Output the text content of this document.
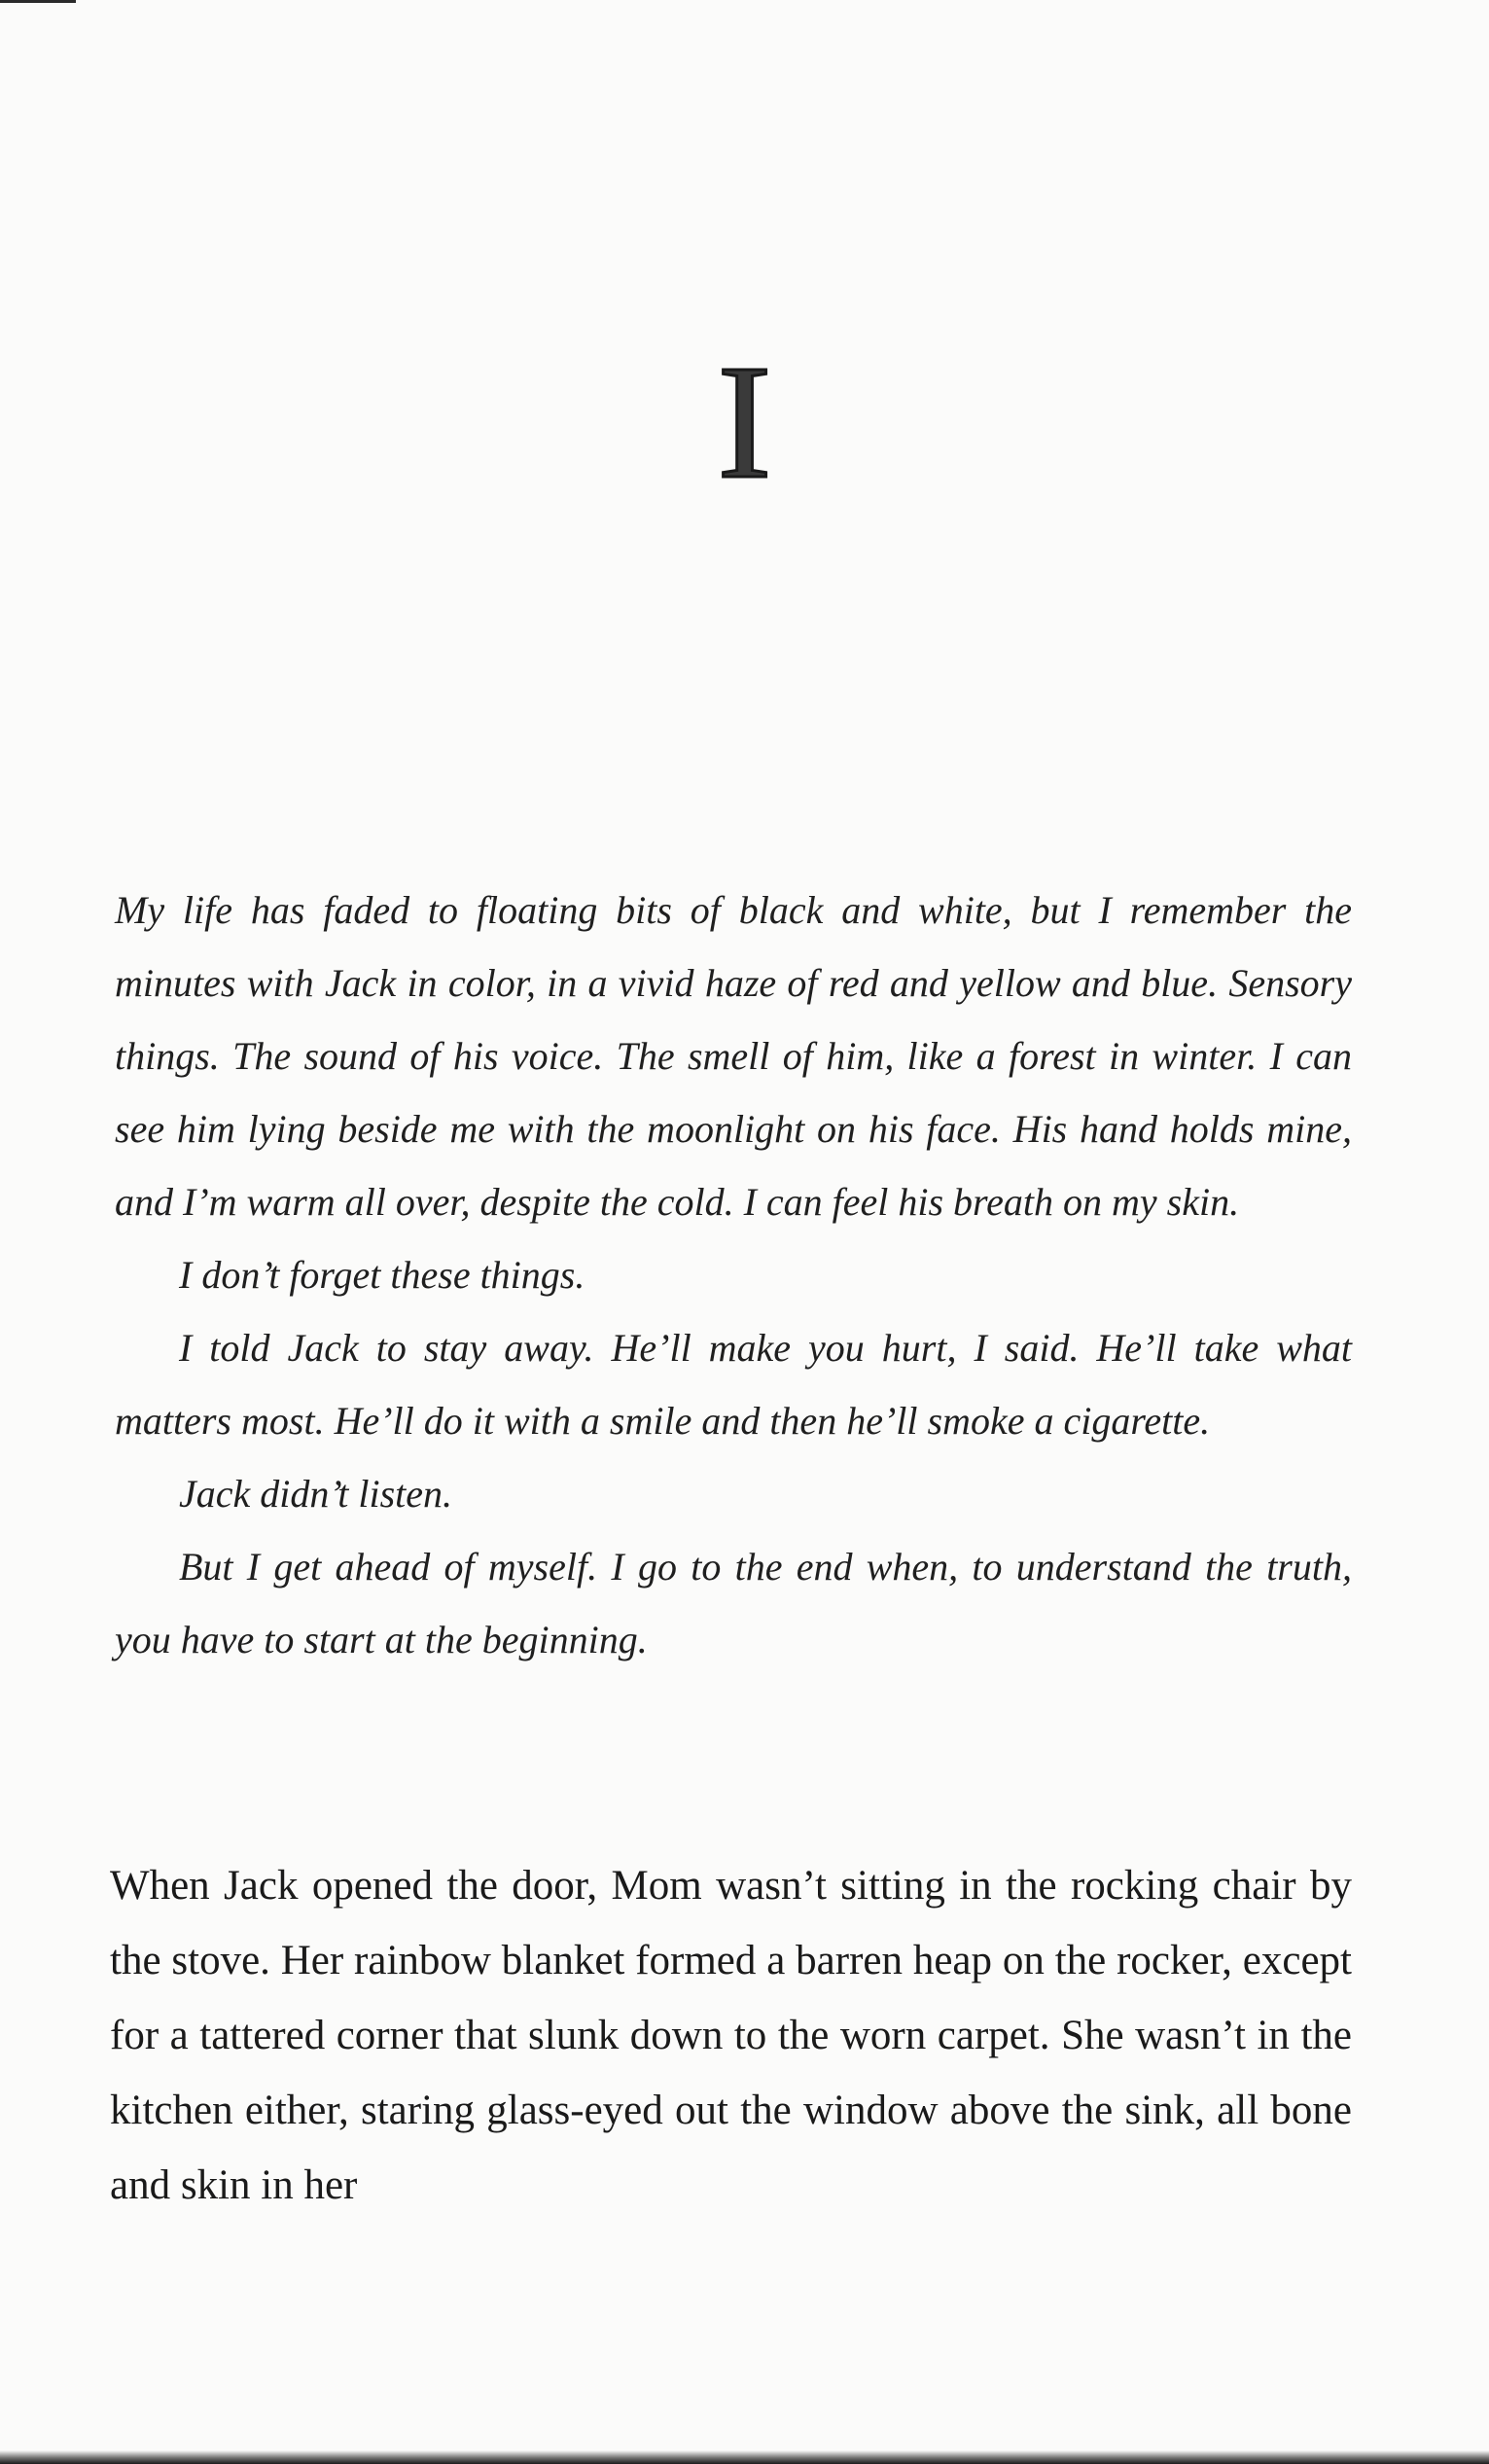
I

My life has faded to floating bits of black and white, but I remember the minutes with Jack in color, in a vivid haze of red and yellow and blue. Sensory things. The sound of his voice. The smell of him, like a forest in winter. I can see him lying beside me with the moonlight on his face. His hand holds mine, and I’m warm all over, despite the cold. I can feel his breath on my skin.

I don’t forget these things.

I told Jack to stay away. He’ll make you hurt, I said. He’ll take what matters most. He’ll do it with a smile and then he’ll smoke a cigarette.

Jack didn’t listen.

But I get ahead of myself. I go to the end when, to understand the truth, you have to start at the beginning.

When Jack opened the door, Mom wasn’t sitting in the rocking chair by the stove. Her rainbow blanket formed a barren heap on the rocker, except for a tattered corner that slunk down to the worn carpet. She wasn’t in the kitchen either, staring glass-eyed out the window above the sink, all bone and skin in her
